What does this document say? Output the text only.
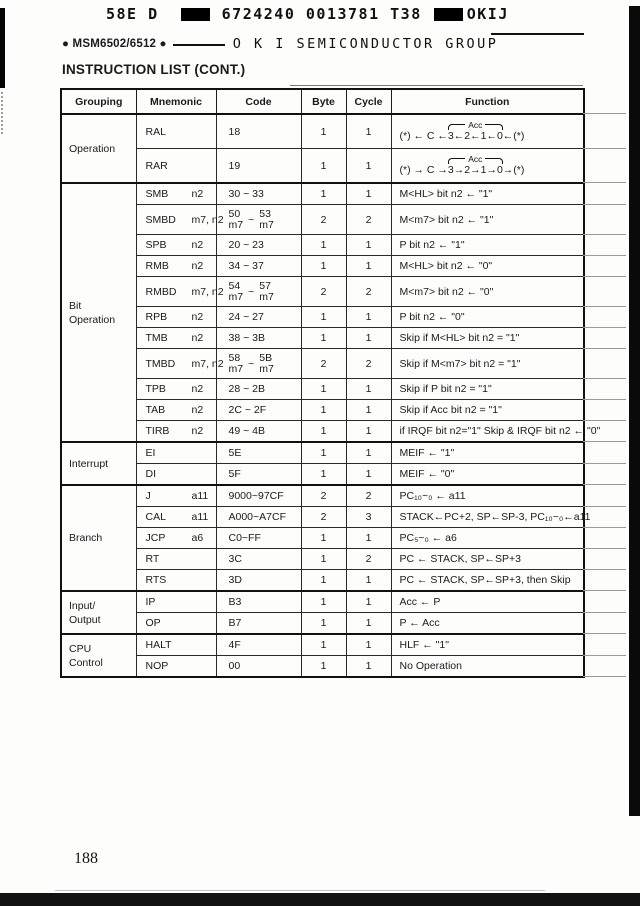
58E D	6724240 0013781 T38	OKIJ
● MSM6502/6512 ●	O K I SEMICONDUCTOR GROUP
INSTRUCTION LIST (CONT.)
Grouping	Mnemonic	Code	Byte	Cycle	Function
Operation	RAL	18	1	1	(*) ← C ←
Acc
3←2←1←0 ←(*)

	RAR	19	1	1	(*) → C →
Acc
3→2→1→0 →(*)

Bit
Operation	SMB n2	30 ~ 33	1	1	M<HL> bit n2 ← "1"
	SMBD m7, n2	50
m7 ~ 53
m7	2	2	M<m7> bit n2 ← "1"
	SPB n2	20 ~ 23	1	1	P bit n2 ← "1"
	RMB n2	34 ~ 37	1	1	M<HL> bit n2 ← "0"
	RMBD m7, n2	54
m7 ~ 57
m7	2	2	M<m7> bit n2 ← "0"
	RPB n2	24 ~ 27	1	1	P bit n2 ← "0"
	TMB n2	38 ~ 3B	1	1	Skip if M<HL> bit n2 = "1"
	TMBD m7, n2	58
m7 ~ 5B
m7	2	2	Skip if M<m7> bit n2 = "1"
	TPB n2	28 ~ 2B	1	1	Skip if P bit n2 = "1"
	TAB n2	2C ~ 2F	1	1	Skip if Acc bit n2 = "1"
	TIRB n2	49 ~ 4B	1	1	if IRQF bit n2="1" Skip & IRQF bit n2 ← "0"
Interrupt	EI	5E	1	1	MEIF ← "1"
	DI	5F	1	1	MEIF ← "0"
Branch	J a11	9000~97CF	2	2	PC₁₀~₀ ← a11
	CAL a11	A000~A7CF	2	3	STACK←PC+2, SP←SP-3, PC₁₀~₀←a11
	JCP a6	C0~FF	1	1	PC₅~₀ ← a6
	RT	3C	1	2	PC ← STACK, SP←SP+3
	RTS	3D	1	1	PC ← STACK, SP←SP+3, then Skip
Input/
Output	IP	B3	1	1	Acc ← P
	OP	B7	1	1	P ← Acc
CPU
Control	HALT	4F	1	1	HLF ← "1"
	NOP	00	1	1	No Operation
188
